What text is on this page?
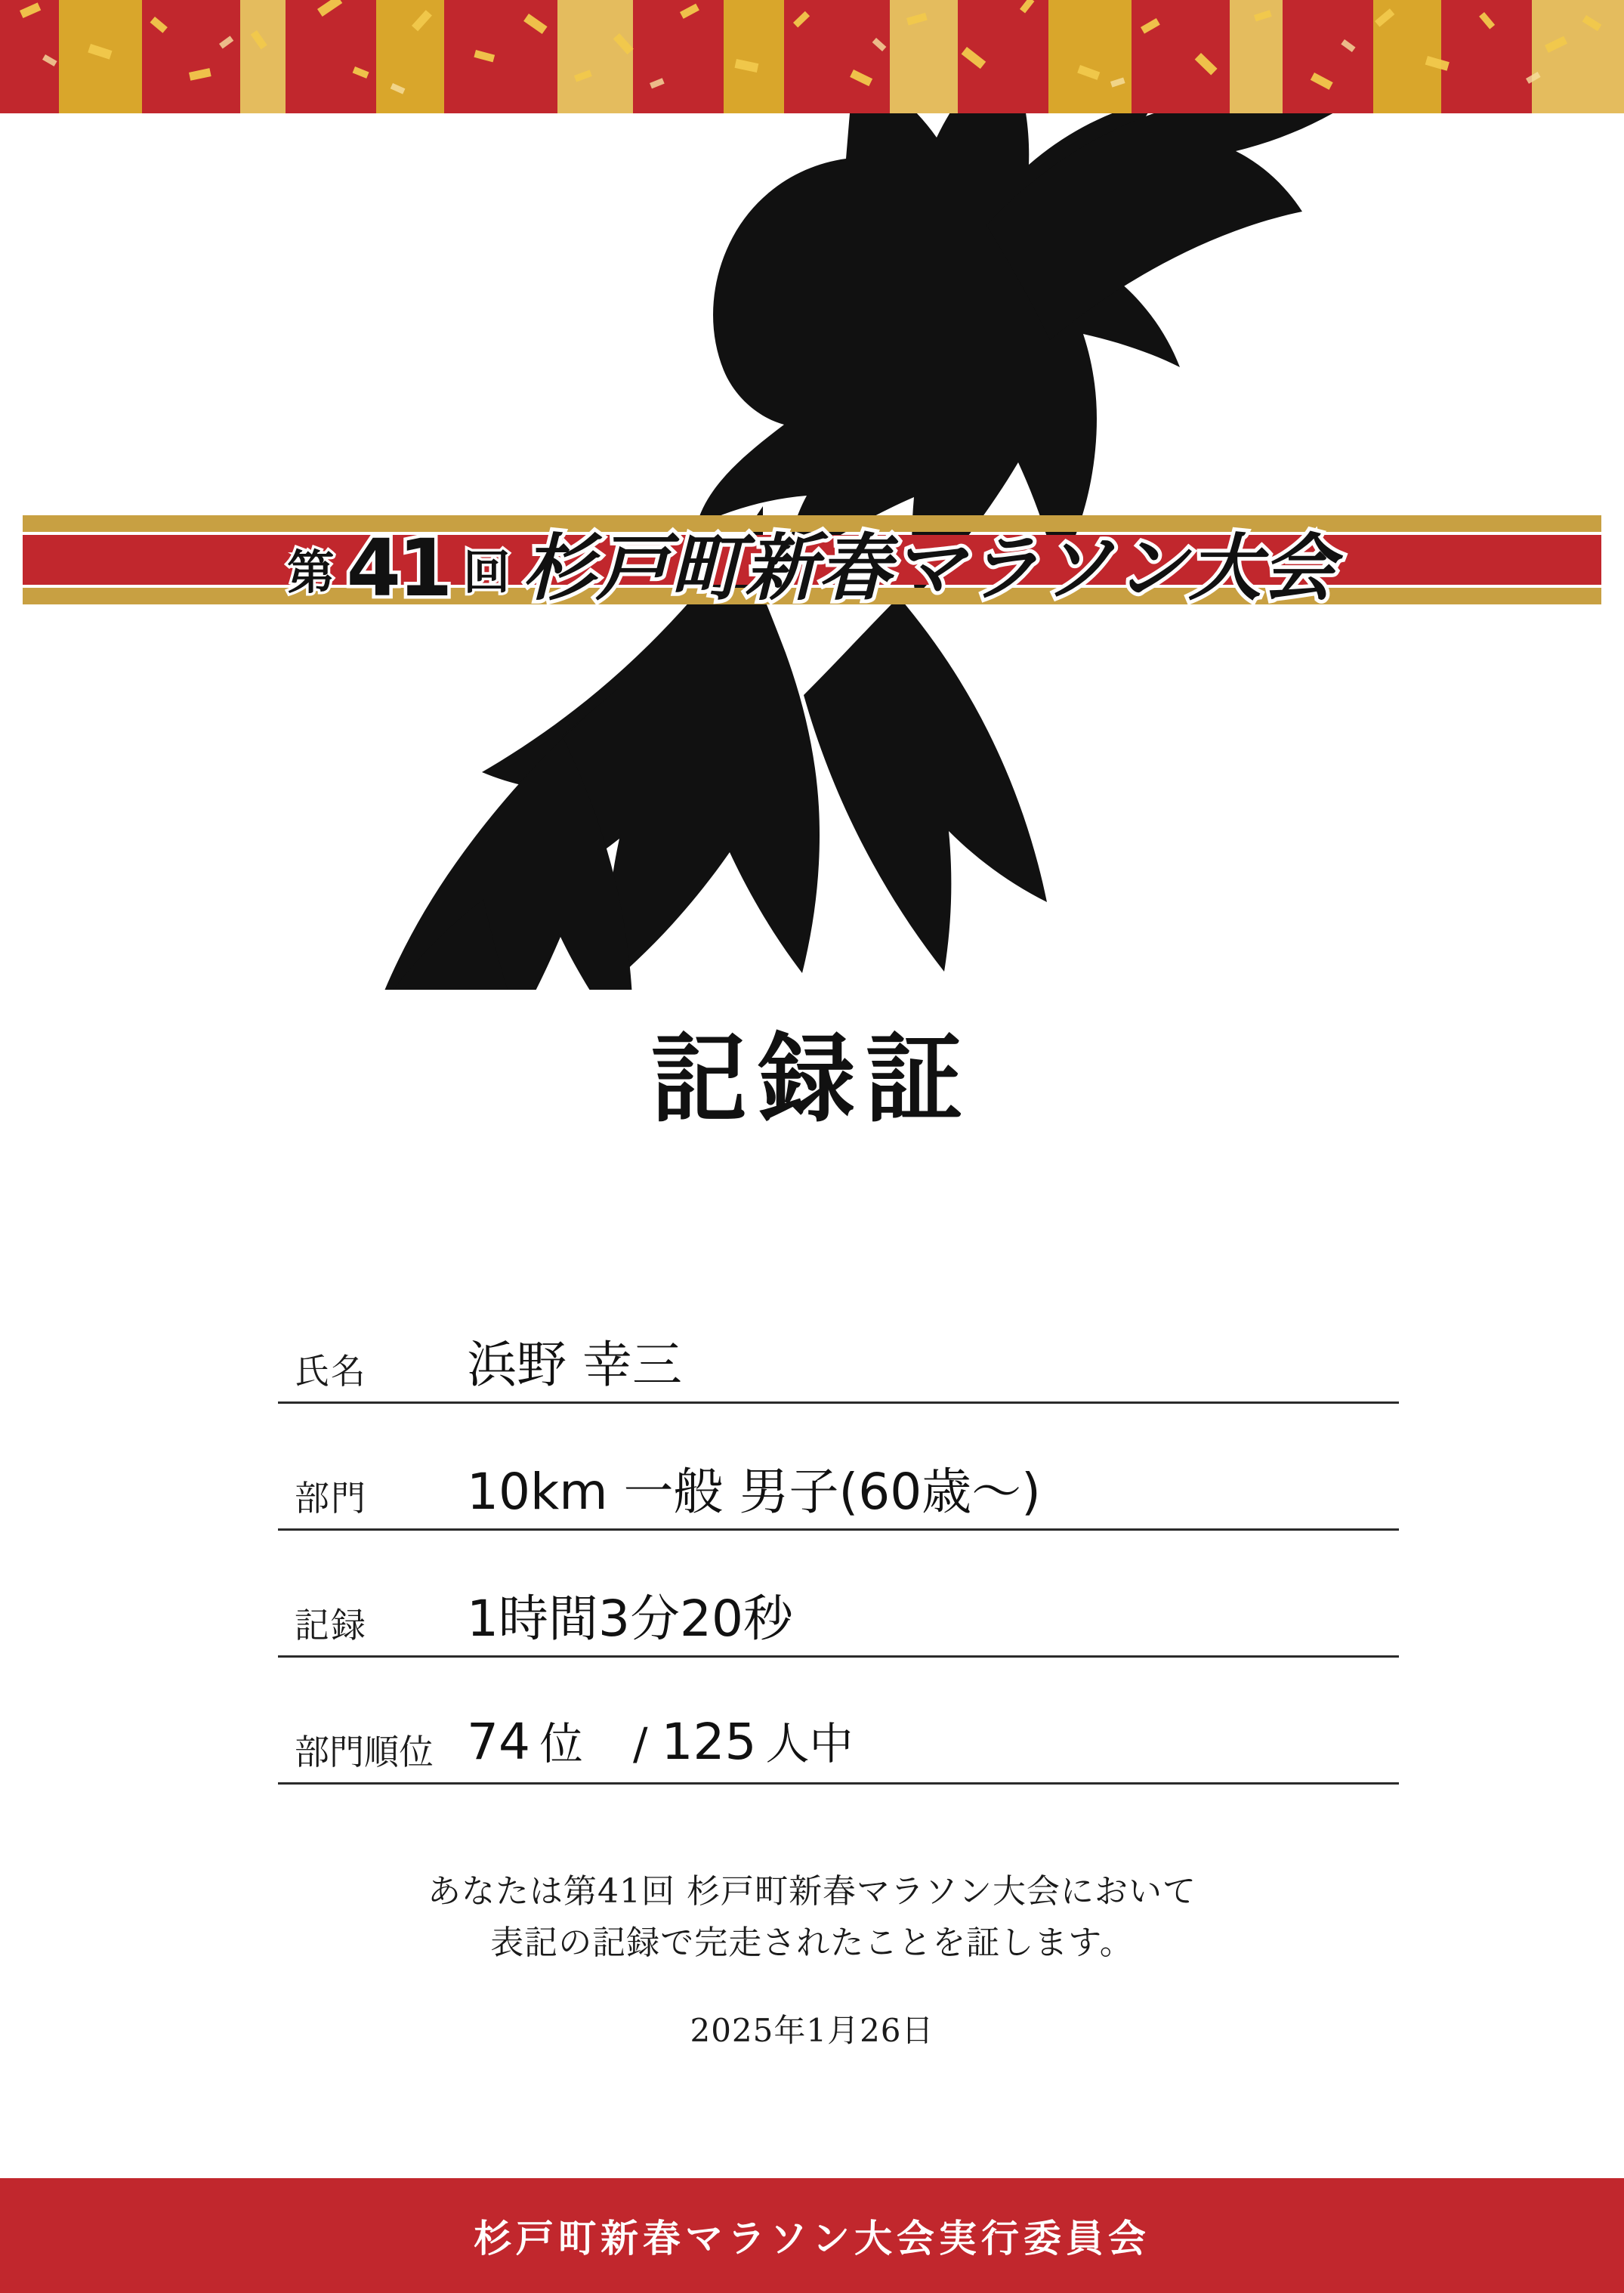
第 41 回 杉戸町新春マラソン大会
記録証
氏名	浜野 幸三
部門	10km 一般 男子(60歳〜)
記録	1時間3分20秒
部門順位 74 位 / 125 人中
あなたは第41回 杉戸町新春マラソン大会において
表記の記録で完走されたことを証します。
2025年1月26日
杉戸町新春マラソン大会実行委員会
